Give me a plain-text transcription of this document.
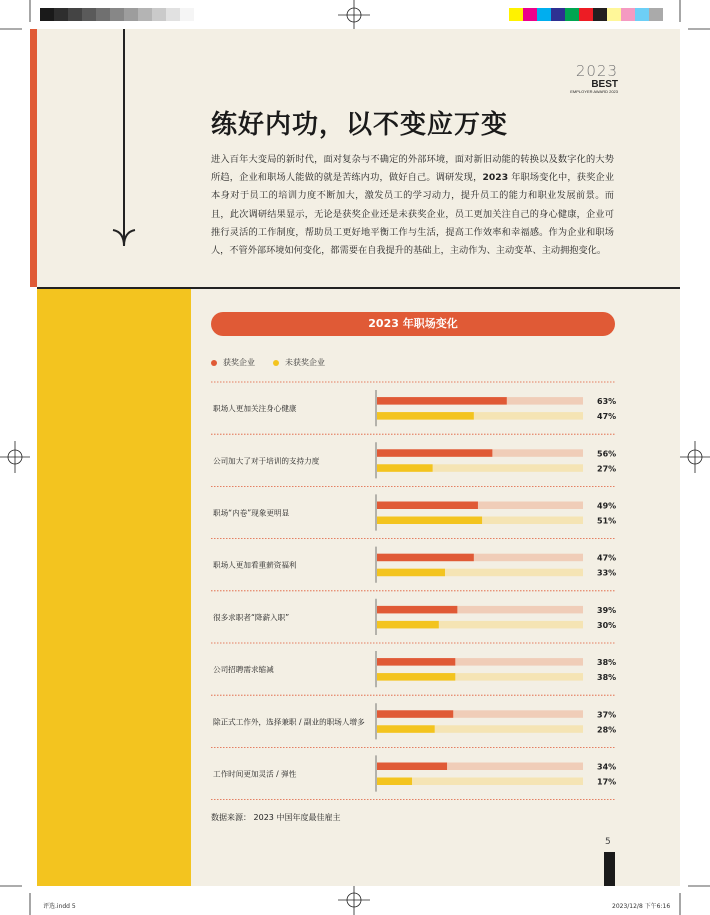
2023
BEST
EMPLOYER AWARD 2023
练好内功，以不变应万变
进入百年大变局的新时代，面对复杂与不确定的外部环境，面对新旧动能的转换以及数字化的大势所趋，企业和职场人能做的就是苦练内功，做好自己。调研发现，2023 年职场变化中，获奖企业本身对于员工的培训力度不断加大，激发员工的学习动力，提升员工的能力和职业发展前景。而且，此次调研结果显示，无论是获奖企业还是未获奖企业，员工更加关注自己的身心健康，企业可推行灵活的工作制度，帮助员工更好地平衡工作与生活，提高工作效率和幸福感。作为企业和职场人，不管外部环境如何变化，都需要在自我提升的基础上，主动作为、主动变革、主动拥抱变化。
2023 年职场变化
获奖企业	未获奖企业
职场人更加关注身心健康
63%
47%
公司加大了对于培训的支持力度
56%
27%
职场“内卷”现象更明显
49%
51%
职场人更加看重薪资福利
47%
33%
很多求职者“降薪入职”
39%
30%
公司招聘需求缩减
38%
38%
除正式工作外，选择兼职 / 副业的职场人增多
37%
28%
工作时间更加灵活 / 弹性
34%
17%
数据来源： 2023 中国年度最佳雇主
5
评选.indd 5	2023/12/8 下午6:16
